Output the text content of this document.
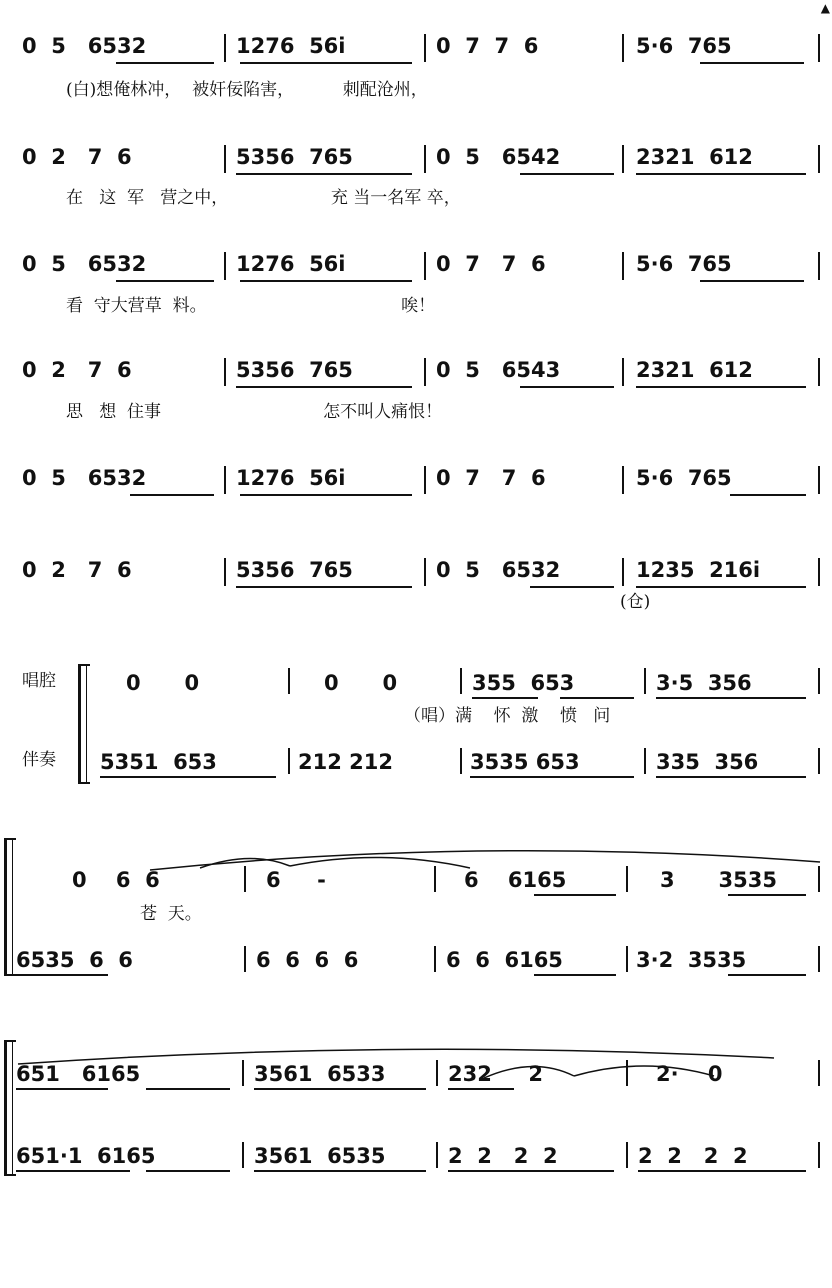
▲
0  5   6532	1276  56i	0  7  7  6	5·6  765
(白)想俺林冲，  被奸佞陷害，         刺配沧州，
0  2   7  6	5356  765	0  5   6542	2321  612
在   这  军   营之中，                   充 当一名军 卒，
0  5   6532	1276  56i	0  7   7  6	5·6  765
看  守大营草  料。                                    唉！
0  2   7  6	5356  765	0  5   6543	2321  612
思   想  住事                              怎不叫人痛恨！
0  5   6532	1276  56i	0  7   7  6	5·6  765
0  2   7  6	5356  765	0  5   6532	1235  216i
(仓)
唱腔
伴奏
0      0	0      0	355  653	3·5  356
（唱）满    怀  激    愤   问
5351  653	212 212	3535 653	335  356
0    6  6	6     -	6    6165	3      3535
苍  天。
6535  6  6	6  6  6  6	6  6  6165	3·2  3535
651   6165	3561  6533	232     2	2·    0
651·1  6165	3561  6535	2  2   2  2	2  2   2  2
